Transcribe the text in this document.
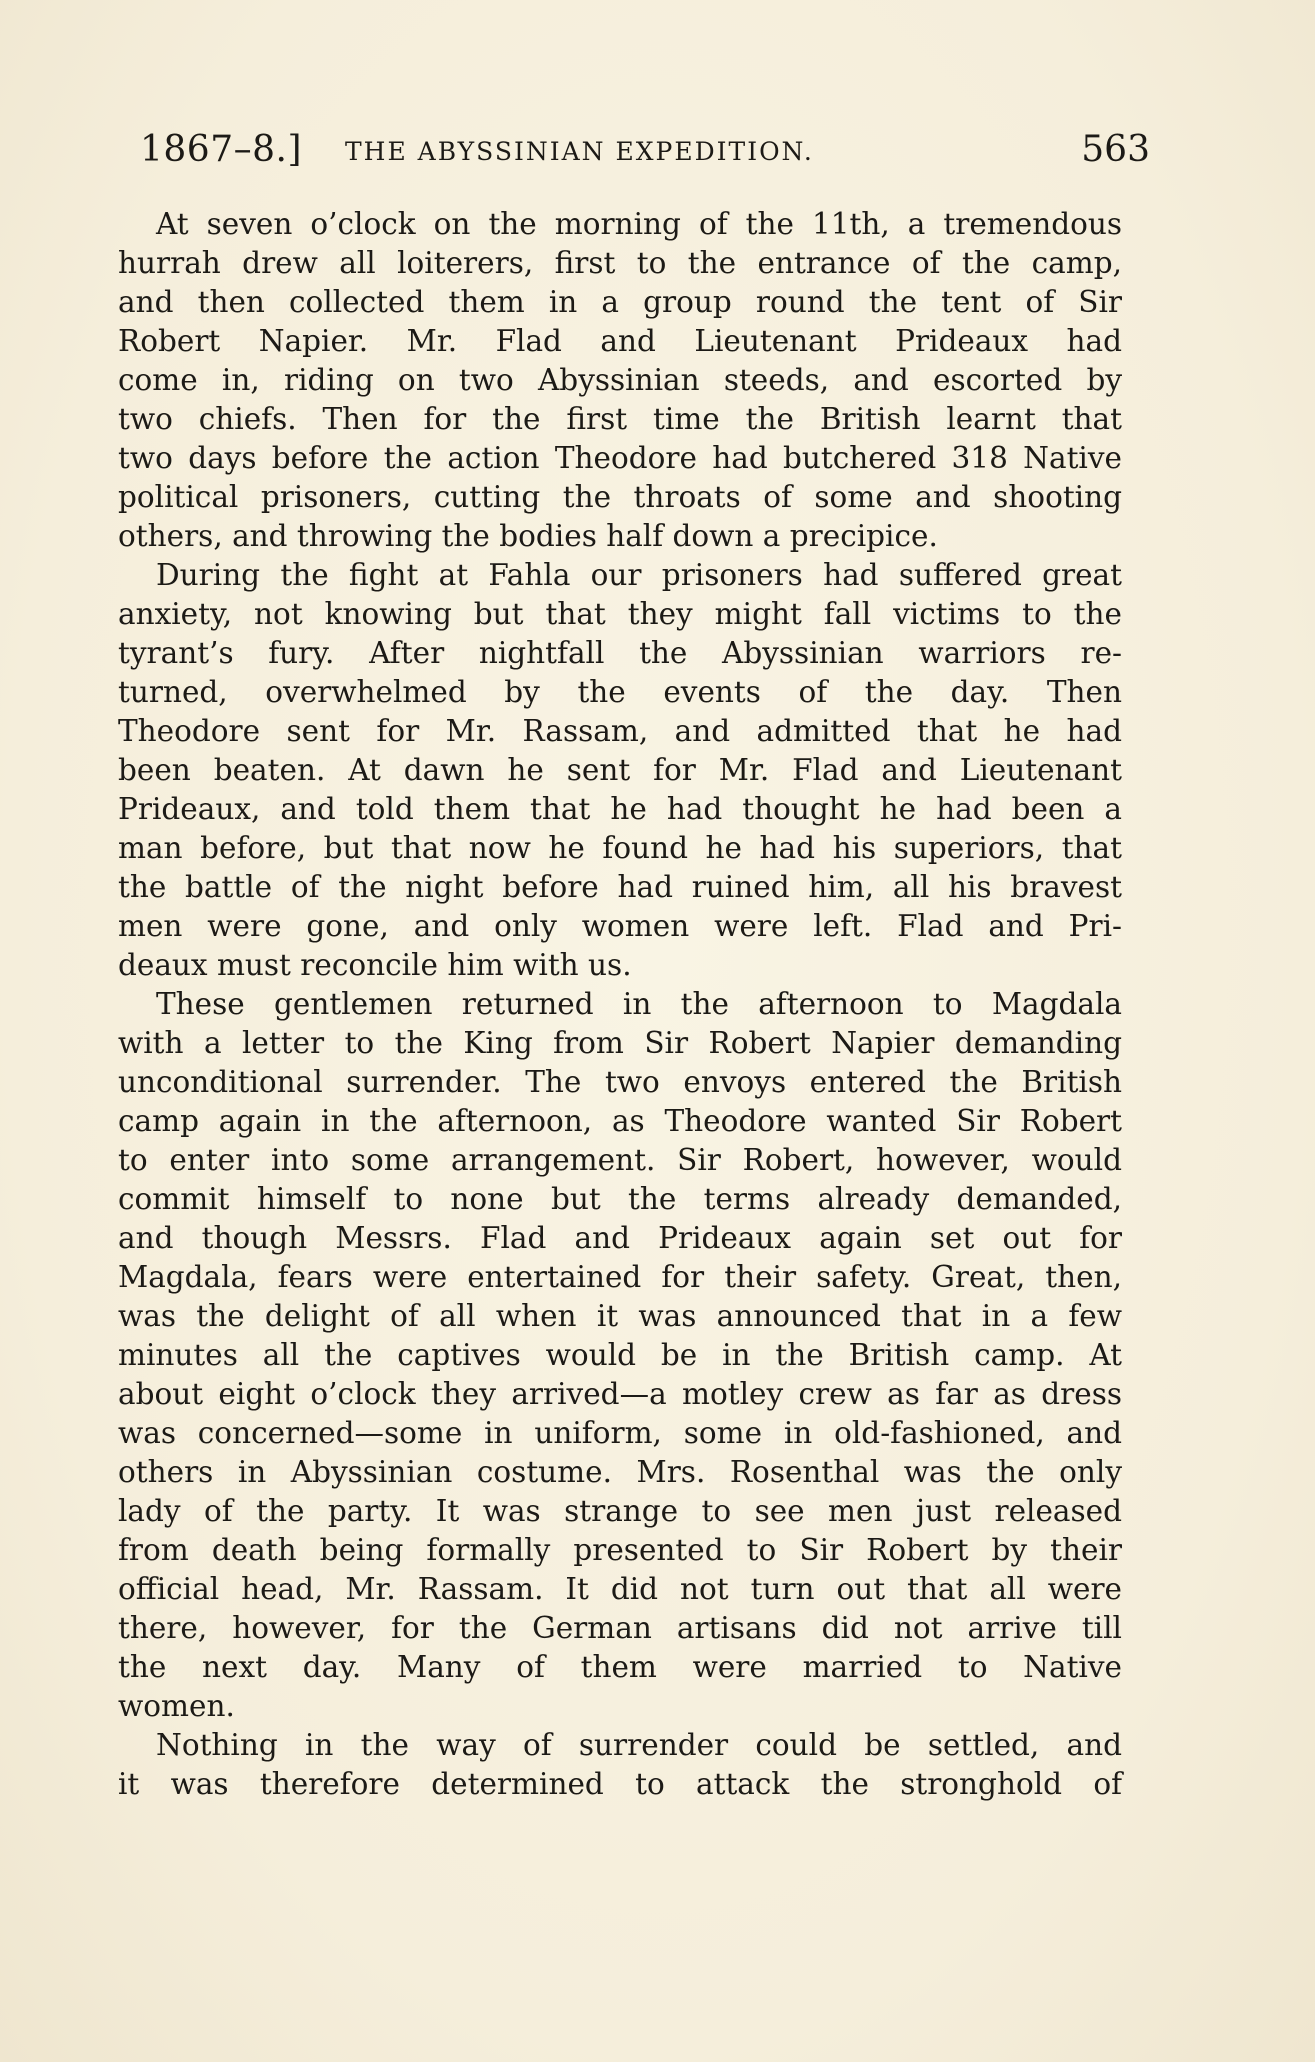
1867–8.] THE ABYSSINIAN EXPEDITION.	563
At seven o’clock on the morning of the 11th, a tremendous
hurrah drew all loiterers, first to the entrance of the camp,
and then collected them in a group round the tent of Sir
Robert Napier. Mr. Flad and Lieutenant Prideaux had
come in, riding on two Abyssinian steeds, and escorted by
two chiefs. Then for the first time the British learnt that
two days before the action Theodore had butchered 318 Native
political prisoners, cutting the throats of some and shooting
others, and throwing the bodies half down a precipice.
During the fight at Fahla our prisoners had suffered great
anxiety, not knowing but that they might fall victims to the
tyrant’s fury. After nightfall the Abyssinian warriors re-
turned, overwhelmed by the events of the day. Then
Theodore sent for Mr. Rassam, and admitted that he had
been beaten. At dawn he sent for Mr. Flad and Lieutenant
Prideaux, and told them that he had thought he had been a
man before, but that now he found he had his superiors, that
the battle of the night before had ruined him, all his bravest
men were gone, and only women were left. Flad and Pri-
deaux must reconcile him with us.
These gentlemen returned in the afternoon to Magdala
with a letter to the King from Sir Robert Napier demanding
unconditional surrender. The two envoys entered the British
camp again in the afternoon, as Theodore wanted Sir Robert
to enter into some arrangement. Sir Robert, however, would
commit himself to none but the terms already demanded,
and though Messrs. Flad and Prideaux again set out for
Magdala, fears were entertained for their safety. Great, then,
was the delight of all when it was announced that in a few
minutes all the captives would be in the British camp. At
about eight o’clock they arrived—a motley crew as far as dress
was concerned—some in uniform, some in old-fashioned, and
others in Abyssinian costume. Mrs. Rosenthal was the only
lady of the party. It was strange to see men just released
from death being formally presented to Sir Robert by their
official head, Mr. Rassam. It did not turn out that all were
there, however, for the German artisans did not arrive till
the next day. Many of them were married to Native
women.
Nothing in the way of surrender could be settled, and
it was therefore determined to attack the stronghold of
